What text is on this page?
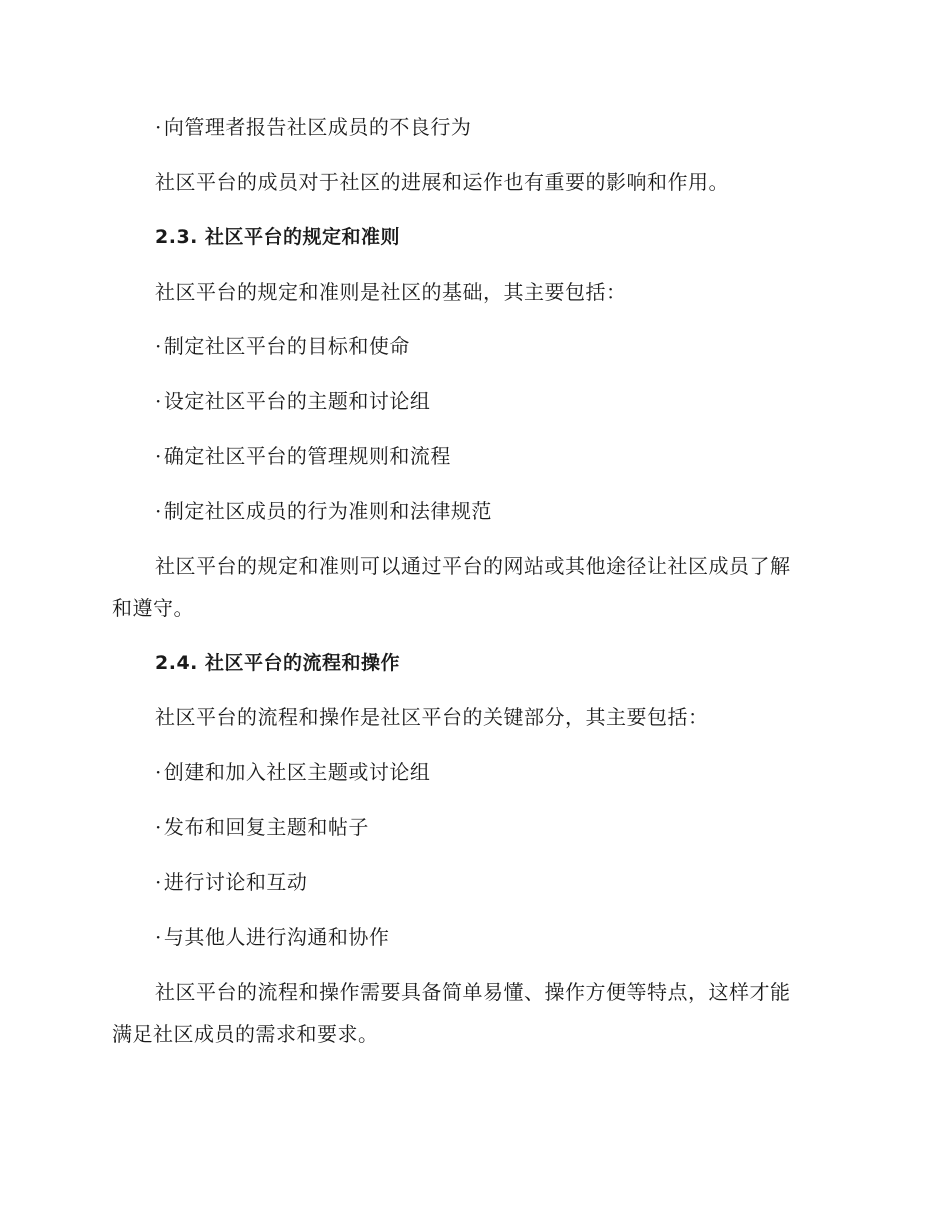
· 向管理者报告社区成员的不良行为
社区平台的成员对于社区的进展和运作也有重要的影响和作用。
2.3. 社区平台的规定和准则
社区平台的规定和准则是社区的基础，其主要包括：
· 制定社区平台的目标和使命
· 设定社区平台的主题和讨论组
· 确定社区平台的管理规则和流程
· 制定社区成员的行为准则和法律规范
社区平台的规定和准则可以通过平台的网站或其他途径让社区成员了解
和遵守。
2.4. 社区平台的流程和操作
社区平台的流程和操作是社区平台的关键部分，其主要包括：
· 创建和加入社区主题或讨论组
· 发布和回复主题和帖子
· 进行讨论和互动
· 与其他人进行沟通和协作
社区平台的流程和操作需要具备简单易懂、操作方便等特点，这样才能
满足社区成员的需求和要求。
